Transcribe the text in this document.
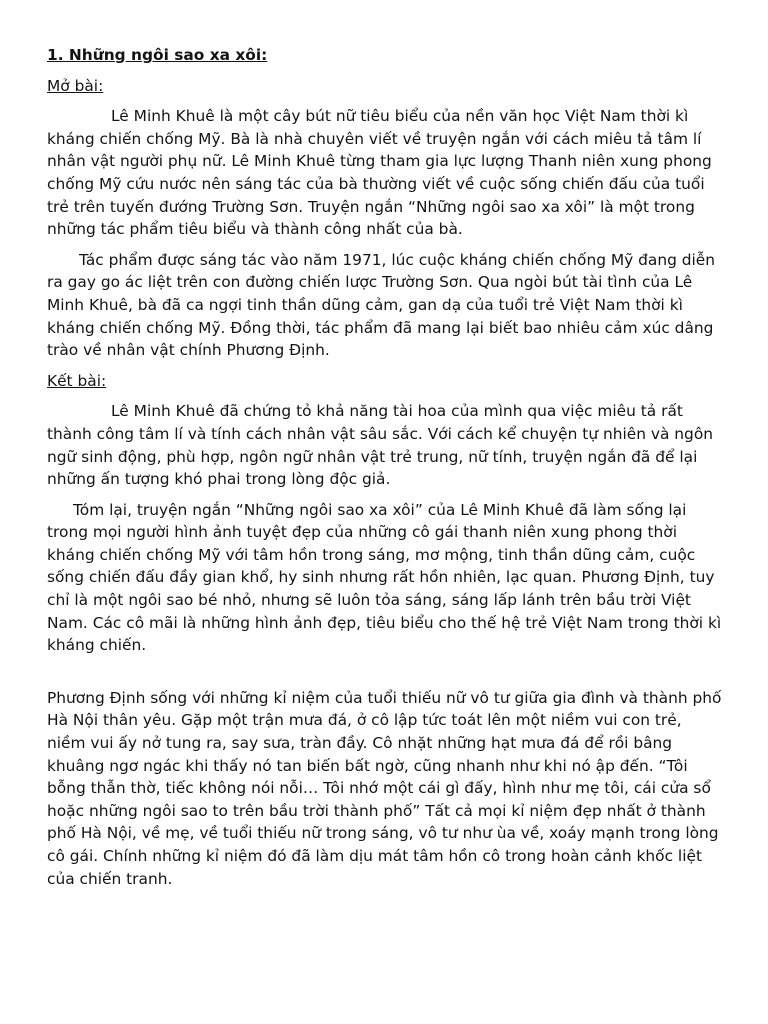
1. Những ngôi sao xa xôi:
Mở bài:

Lê Minh Khuê là một cây bút nữ tiêu biểu của nền văn học Việt Nam thời kì kháng chiến chống Mỹ. Bà là nhà chuyên viết về truyện ngắn với cách miêu tả tâm lí nhân vật người phụ nữ. Lê Minh Khuê từng tham gia lực lượng Thanh niên xung phong chống Mỹ cứu nước nên sáng tác của bà thường viết về cuộc sống chiến đấu của tuổi trẻ trên tuyến đướng Trường Sơn. Truyện ngắn “Những ngôi sao xa xôi” là một trong những tác phẩm tiêu biểu và thành công nhất của bà.

Tác phẩm được sáng tác vào năm 1971, lúc cuộc kháng chiến chống Mỹ đang diễn ra gay go ác liệt trên con đường chiến lược Trường Sơn. Qua ngòi bút tài tình của Lê Minh Khuê, bà đã ca ngợi tinh thần dũng cảm, gan dạ của tuổi trẻ Việt Nam thời kì kháng chiến chống Mỹ. Đồng thời, tác phẩm đã mang lại biết bao nhiêu cảm xúc dâng trào về nhân vật chính Phương Định.

Kết bài:

Lê Minh Khuê đã chứng tỏ khả năng tài hoa của mình qua việc miêu tả rất thành công tâm lí và tính cách nhân vật sâu sắc. Với cách kể chuyện tự nhiên và ngôn ngữ sinh động, phù hợp, ngôn ngữ nhân vật trẻ trung, nữ tính, truyện ngắn đã để lại những ấn tượng khó phai trong lòng độc giả.

Tóm lại, truyện ngắn “Những ngôi sao xa xôi” của Lê Minh Khuê đã làm sống lại trong mọi người hình ảnh tuyệt đẹp của những cô gái thanh niên xung phong thời kháng chiến chống Mỹ với tâm hồn trong sáng, mơ mộng, tinh thần dũng cảm, cuộc sống chiến đấu đầy gian khổ, hy sinh nhưng rất hồn nhiên, lạc quan. Phương Định, tuy chỉ là một ngôi sao bé nhỏ, nhưng sẽ luôn tỏa sáng, sáng lấp lánh trên bầu trời Việt Nam. Các cô mãi là những hình ảnh đẹp, tiêu biểu cho thế hệ trẻ Việt Nam trong thời kì kháng chiến.

Phương Định sống với những kỉ niệm của tuổi thiếu nữ vô tư giữa gia đình và thành phố Hà Nội thân yêu. Gặp một trận mưa đá, ở cô lập tức toát lên một niềm vui con trẻ, niềm vui ấy nở tung ra, say sưa, tràn đầy. Cô nhặt những hạt mưa đá để rồi bâng khuâng ngơ ngác khi thấy nó tan biến bất ngờ, cũng nhanh như khi nó ập đến. “Tôi bỗng thẫn thờ, tiếc không nói nỗi… Tôi nhớ một cái gì đấy, hình như mẹ tôi, cái cửa sổ hoặc những ngôi sao to trên bầu trời thành phố” Tất cả mọi kỉ niệm đẹp nhất ở thành phố Hà Nội, về mẹ, về tuổi thiếu nữ trong sáng, vô tư như ùa về, xoáy mạnh trong lòng cô gái. Chính những kỉ niệm đó đã làm dịu mát tâm hồn cô trong hoàn cảnh khốc liệt của chiến tranh.
